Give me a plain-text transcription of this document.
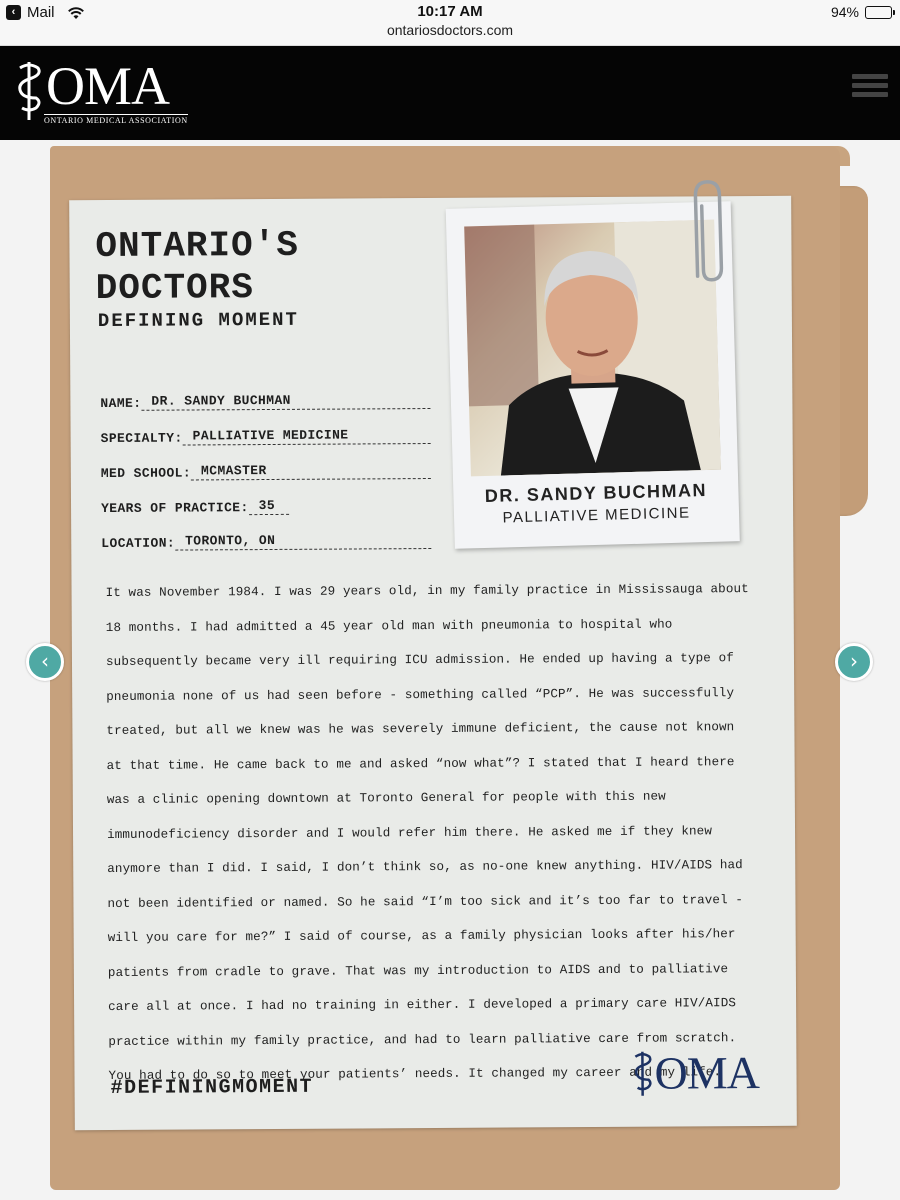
‹ Mail	10:17 AM
ontariosdoctors.com
94%
OMA
ONTARIO MEDICAL ASSOCIATION
ONTARIO'S
DOCTORS
DEFINING MOMENT
NAME: DR. SANDY BUCHMAN
SPECIALTY: PALLIATIVE MEDICINE
MED SCHOOL: MCMASTER
YEARS OF PRACTICE: 35
LOCATION: TORONTO, ON
DR. SANDY BUCHMAN
PALLIATIVE MEDICINE
It was November 1984. I was 29 years old, in my family practice in Mississauga about 18 months. I had admitted a 45 year old man with pneumonia to hospital who subsequently became very ill requiring ICU admission. He ended up having a type of pneumonia none of us had seen before - something called “PCP”. He was successfully treated, but all we knew was he was severely immune deficient, the cause not known at that time. He came back to me and asked “now what”? I stated that I heard there was a clinic opening downtown at Toronto General for people with this new immunodeficiency disorder and I would refer him there. He asked me if they knew anymore than I did. I said, I don’t think so, as no-one knew anything. HIV/AIDS had not been identified or named. So he said “I’m too sick and it’s too far to travel - will you care for me?” I said of course, as a family physician looks after his/her patients from cradle to grave. That was my introduction to AIDS and to palliative care all at once. I had no training in either. I developed a primary care HIV/AIDS practice within my family practice, and had to learn palliative care from scratch. You had to do so to meet your patients’ needs. It changed my career and my life.
#DEFININGMOMENT	OMA
‹	›
